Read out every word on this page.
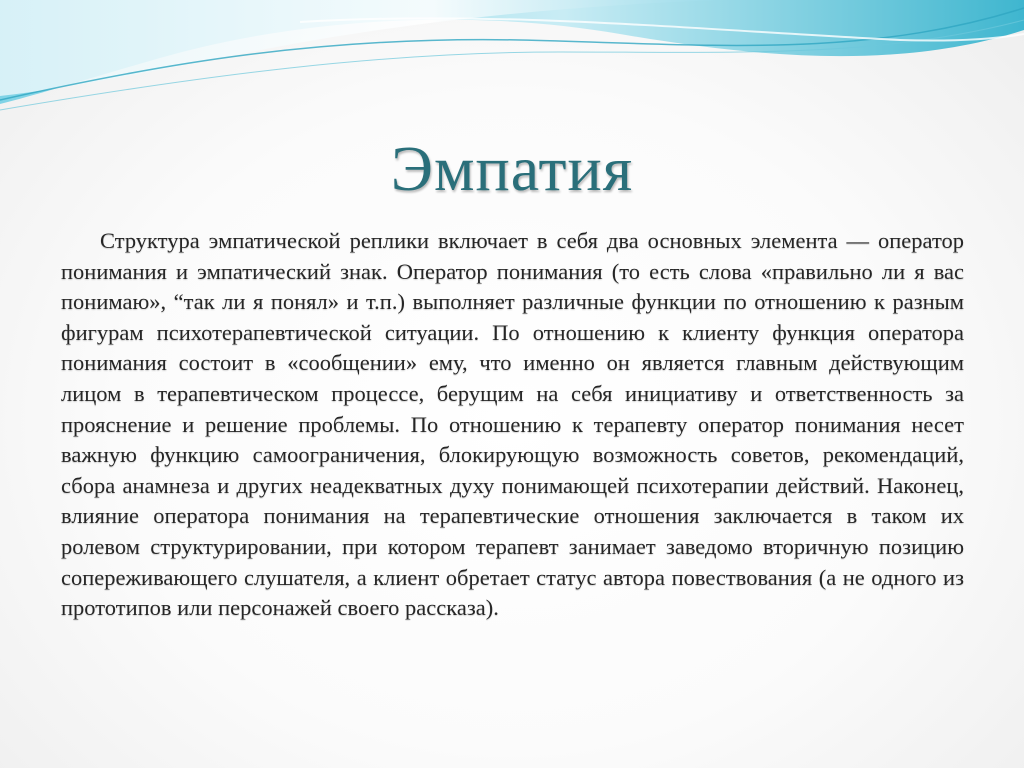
Эмпатия

Структура эмпатической реплики включает в себя два основных элемента — оператор понимания и эмпатический знак. Оператор понимания (то есть слова «правильно ли я вас понимаю», “так ли я понял» и т.п.) выполняет различные функции по отношению к разным фигурам психотерапевтической ситуации. По отношению к клиенту функция оператора понимания состоит в «сообщении» ему, что именно он является главным действующим лицом в терапевтическом процессе, берущим на себя инициативу и ответственность за прояснение и решение проблемы. По отношению к терапевту оператор понимания несет важную функцию самоограничения, блокирующую возможность советов, рекомендаций, сбора анамнеза и других неадекватных духу понимающей психотерапии действий. Наконец, влияние оператора понимания на терапевтические отношения заключается в таком их ролевом структурировании, при котором терапевт занимает заведомо вторичную позицию сопереживающего слушателя, а клиент обретает статус автора повествования (а не одного из прототипов или персонажей своего рассказа).
